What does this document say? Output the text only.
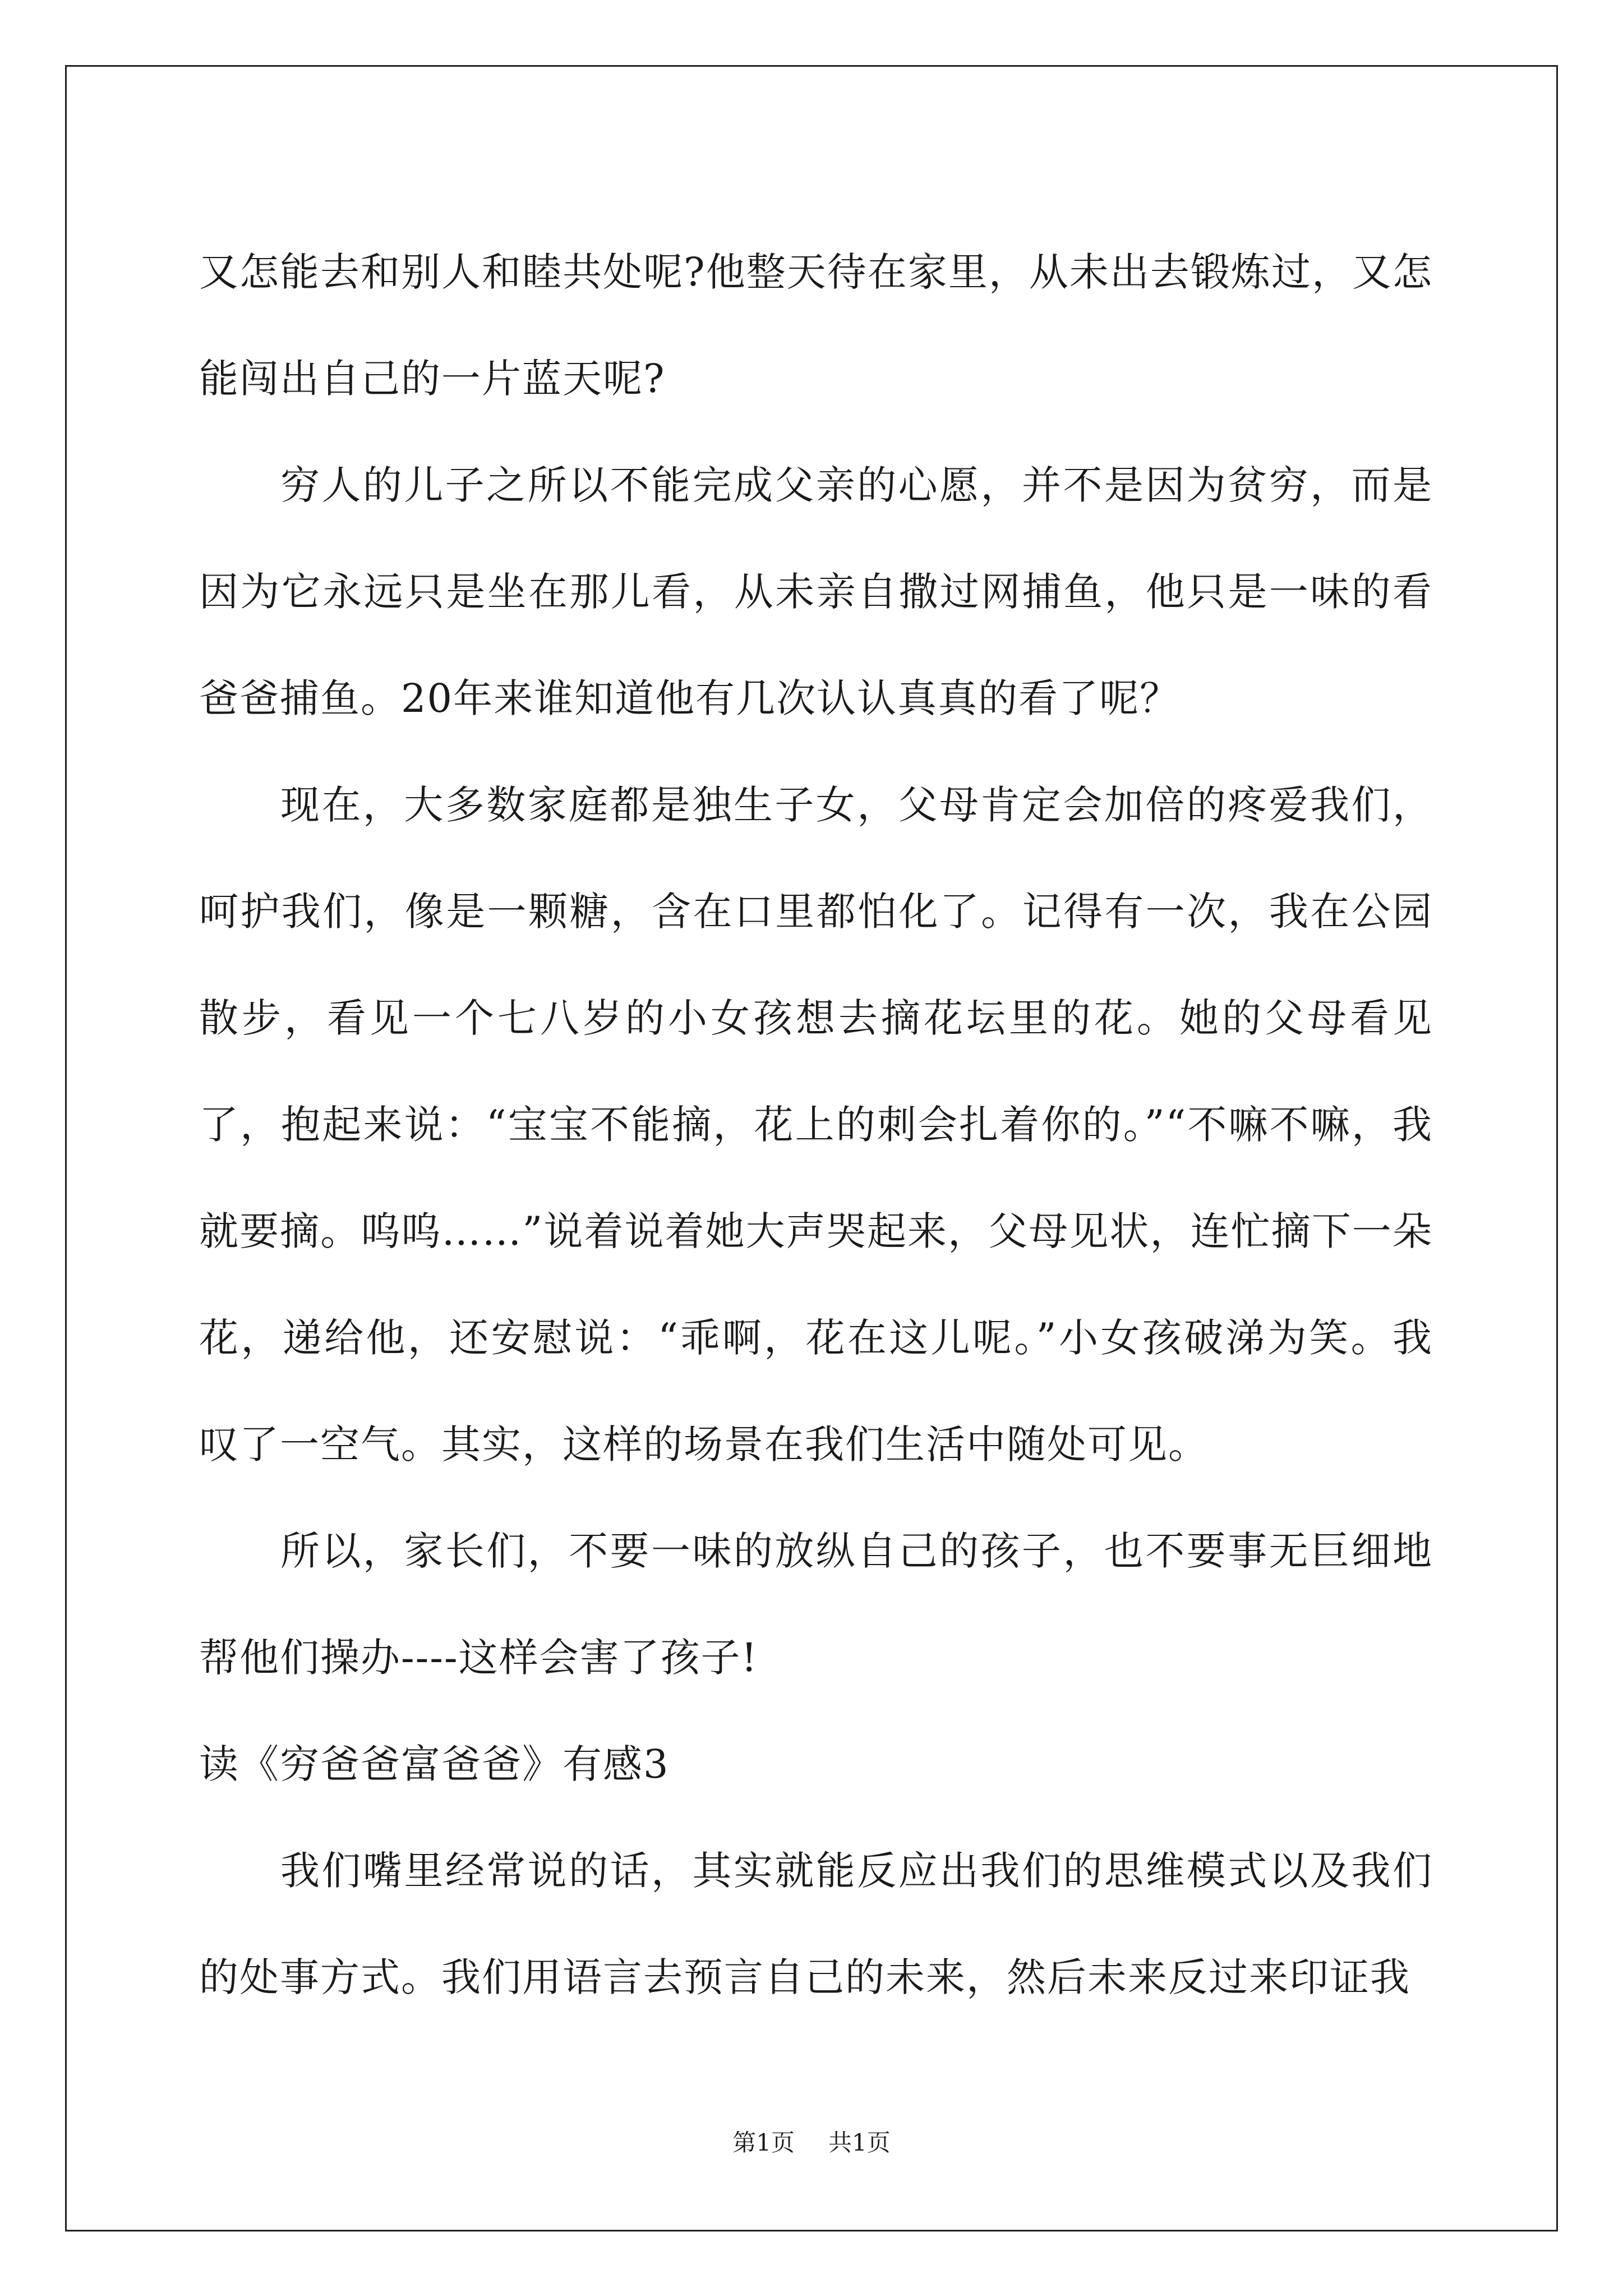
又怎能去和别人和睦共处呢?他整天待在家里，从未出去锻炼过，又怎能闯出自己的一片蓝天呢?

穷人的儿子之所以不能完成父亲的心愿，并不是因为贫穷，而是因为它永远只是坐在那儿看，从未亲自撒过网捕鱼，他只是一味的看爸爸捕鱼。20年来谁知道他有几次认认真真的看了呢？

现在，大多数家庭都是独生子女，父母肯定会加倍的疼爱我们，呵护我们，像是一颗糖，含在口里都怕化了。记得有一次，我在公园散步，看见一个七八岁的小女孩想去摘花坛里的花。她的父母看见了，抱起来说：“宝宝不能摘，花上的刺会扎着你的。”“不嘛不嘛，我就要摘。呜呜……”说着说着她大声哭起来，父母见状，连忙摘下一朵花，递给他，还安慰说：“乖啊，花在这儿呢。”小女孩破涕为笑。我叹了一空气。其实，这样的场景在我们生活中随处可见。

所以，家长们，不要一味的放纵自己的孩子，也不要事无巨细地帮他们操办----这样会害了孩子!

读《穷爸爸富爸爸》有感3

我们嘴里经常说的话，其实就能反应出我们的思维模式以及我们的处事方式。我们用语言去预言自己的未来，然后未来反过来印证我

第1页 共1页
